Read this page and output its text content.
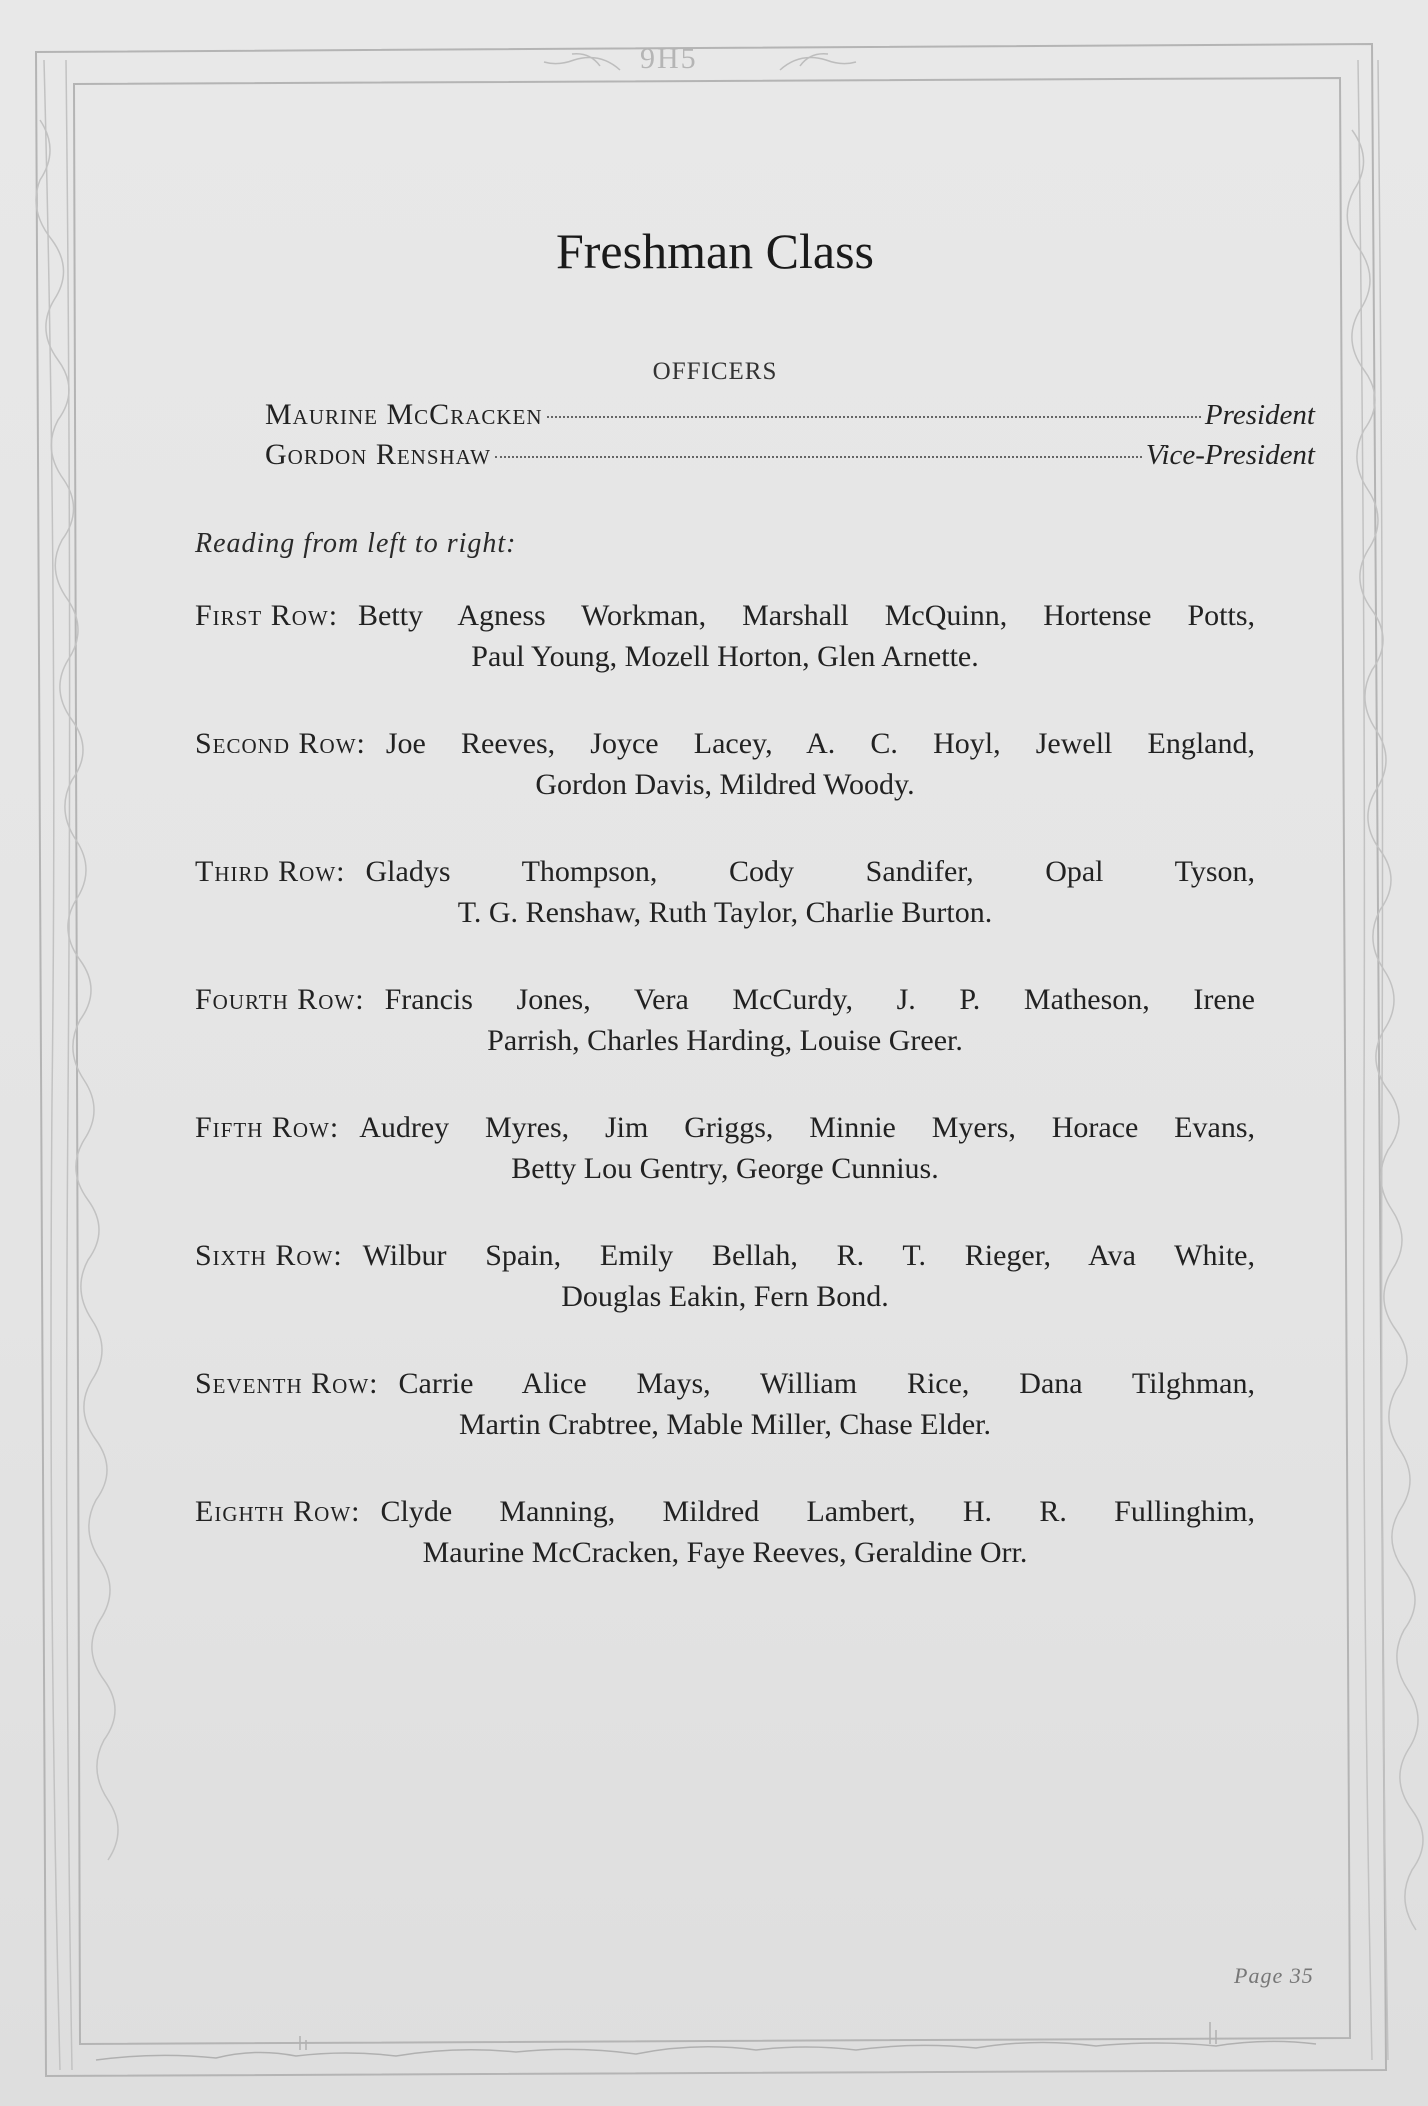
9H5
Freshman Class
OFFICERS
Maurine McCracken	President
Gordon Renshaw	Vice-President
Reading from left to right:
First Row: Betty Agness Workman, Marshall McQuinn, Hortense Potts,
Paul Young, Mozell Horton, Glen Arnette.
Second Row: Joe Reeves, Joyce Lacey, A. C. Hoyl, Jewell England,
Gordon Davis, Mildred Woody.
Third Row: Gladys Thompson, Cody Sandifer, Opal Tyson,
T. G. Renshaw, Ruth Taylor, Charlie Burton.
Fourth Row: Francis Jones, Vera McCurdy, J. P. Matheson, Irene
Parrish, Charles Harding, Louise Greer.
Fifth Row: Audrey Myres, Jim Griggs, Minnie Myers, Horace Evans,
Betty Lou Gentry, George Cunnius.
Sixth Row: Wilbur Spain, Emily Bellah, R. T. Rieger, Ava White,
Douglas Eakin, Fern Bond.
Seventh Row: Carrie Alice Mays, William Rice, Dana Tilghman,
Martin Crabtree, Mable Miller, Chase Elder.
Eighth Row: Clyde Manning, Mildred Lambert, H. R. Fullinghim,
Maurine McCracken, Faye Reeves, Geraldine Orr.
Page 35
